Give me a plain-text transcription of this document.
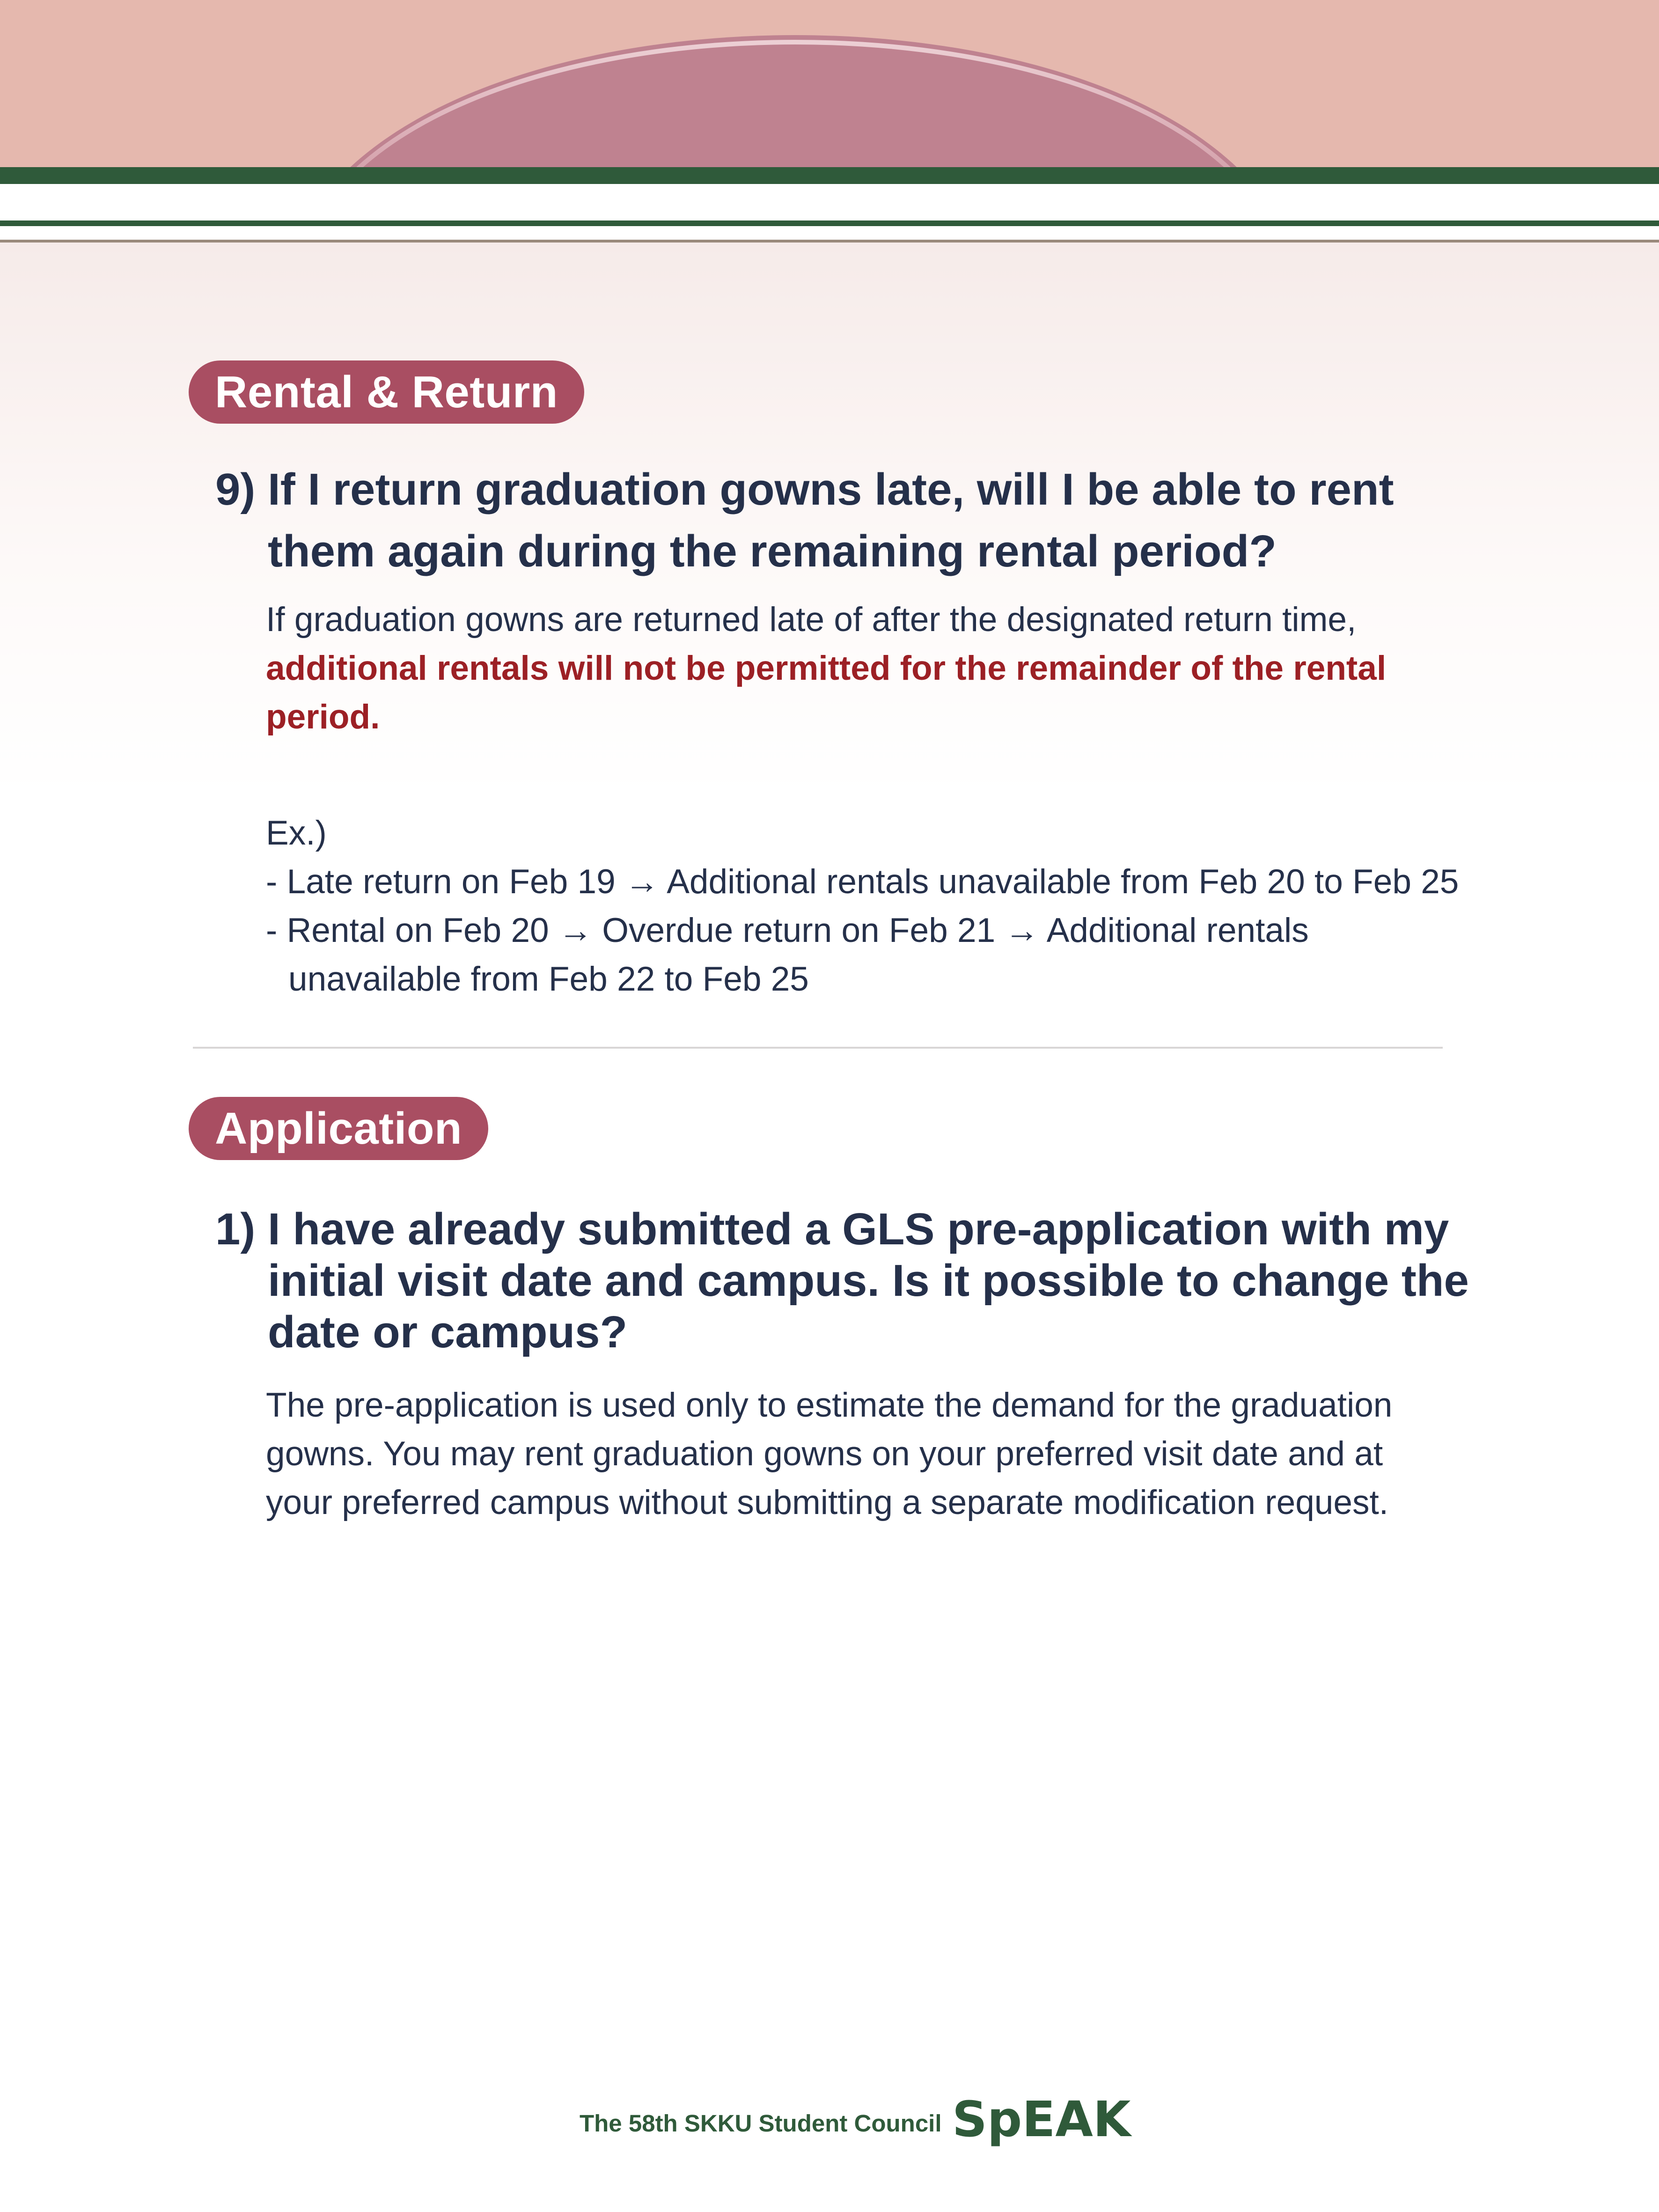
Rental & Return
9) If I return graduation gowns late, will I be able to rent
them again during the remaining rental period?
If graduation gowns are returned late of after the designated return time,
additional rentals will not be permitted for the remainder of the rental
period.
Ex.)
- Late return on Feb 19 → Additional rentals unavailable from Feb 20 to Feb 25
- Rental on Feb 20 → Overdue return on Feb 21 → Additional rentals
unavailable from Feb 22 to Feb 25
Application
1) I have already submitted a GLS pre-application with my
initial visit date and campus. Is it possible to change the
date or campus?
The pre-application is used only to estimate the demand for the graduation
gowns. You may rent graduation gowns on your preferred visit date and at
your preferred campus without submitting a separate modification request.
The 58th SKKU Student Council SpEAK
